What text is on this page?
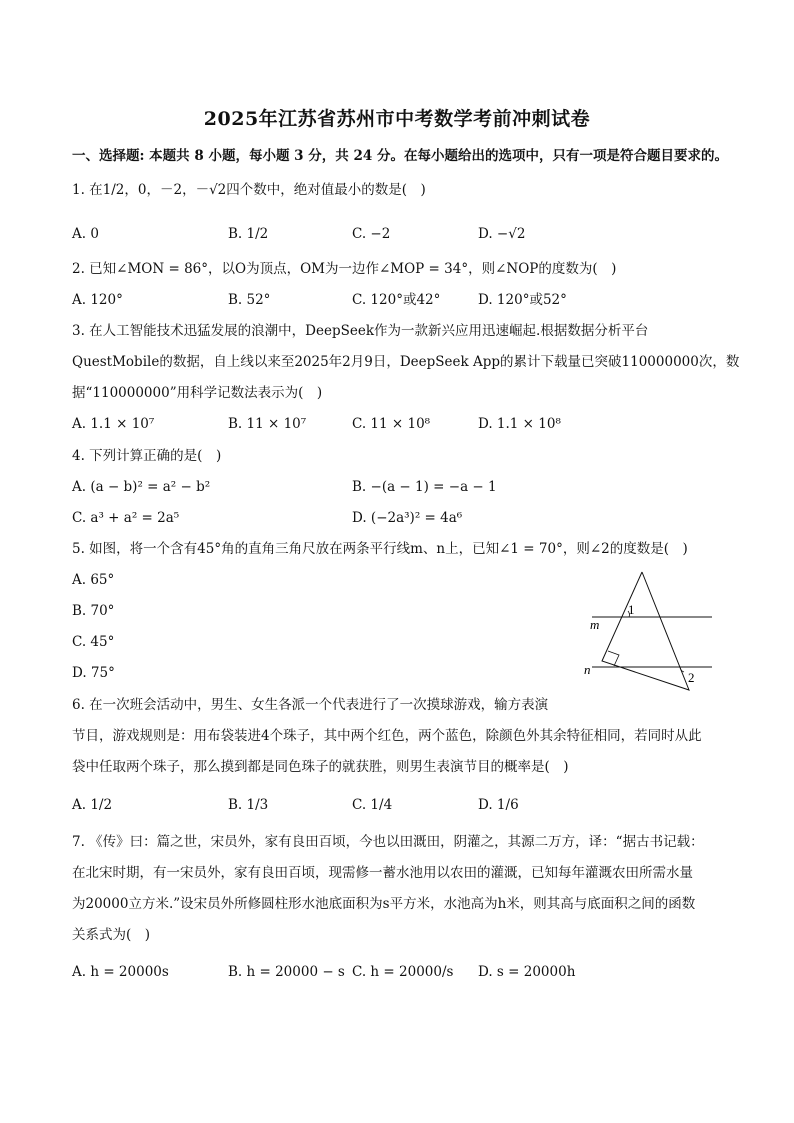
2025年江苏省苏州市中考数学考前冲刺试卷
一、选择题: 本题共 8 小题，每小题 3 分，共 24 分。在每小题给出的选项中，只有一项是符合题目要求的。
1. 在1/2，0，－2，－√2四个数中，绝对值最小的数是(　)
A. 0	B. 1/2	C. −2	D. −√2
2. 已知∠MON = 86°，以O为顶点，OM为一边作∠MOP = 34°，则∠NOP的度数为(　)
A. 120°	B. 52°	C. 120°或42°	D. 120°或52°
3. 在人工智能技术迅猛发展的浪潮中，DeepSeek作为一款新兴应用迅速崛起.根据数据分析平台
QuestMobile的数据，自上线以来至2025年2月9日，DeepSeek App的累计下载量已突破110000000次，数
据“110000000”用科学记数法表示为(　)
A. 1.1 × 10⁷	B. 11 × 10⁷	C. 11 × 10⁸	D. 1.1 × 10⁸
4. 下列计算正确的是(　)
A. (a − b)² = a² − b²	B. −(a − 1) = −a − 1
C. a³ + a² = 2a⁵	D. (−2a³)² = 4a⁶
5. 如图，将一个含有45°角的直角三角尺放在两条平行线m、n上，已知∠1 = 70°，则∠2的度数是(　)
A. 65°
B. 70°
C. 45°
D. 75°
m
n
1
2
6. 在一次班会活动中，男生、女生各派一个代表进行了一次摸球游戏，输方表演
节目，游戏规则是：用布袋装进4个珠子，其中两个红色，两个蓝色，除颜色外其余特征相同，若同时从此
袋中任取两个珠子，那么摸到都是同色珠子的就获胜，则男生表演节目的概率是(　)
A. 1/2	B. 1/3	C. 1/4	D. 1/6
7. 《传》曰：篇之世，宋员外，家有良田百顷，今也以田溉田，阴灌之，其源二万方，译：“据古书记载：
在北宋时期，有一宋员外，家有良田百顷，现需修一蓄水池用以农田的灌溉，已知每年灌溉农田所需水量
为20000立方米.”设宋员外所修圆柱形水池底面积为s平方米，水池高为h米，则其高与底面积之间的函数
关系式为(　)
A. h = 20000s	B. h = 20000 − s C. h = 20000/s D. s = 20000h
